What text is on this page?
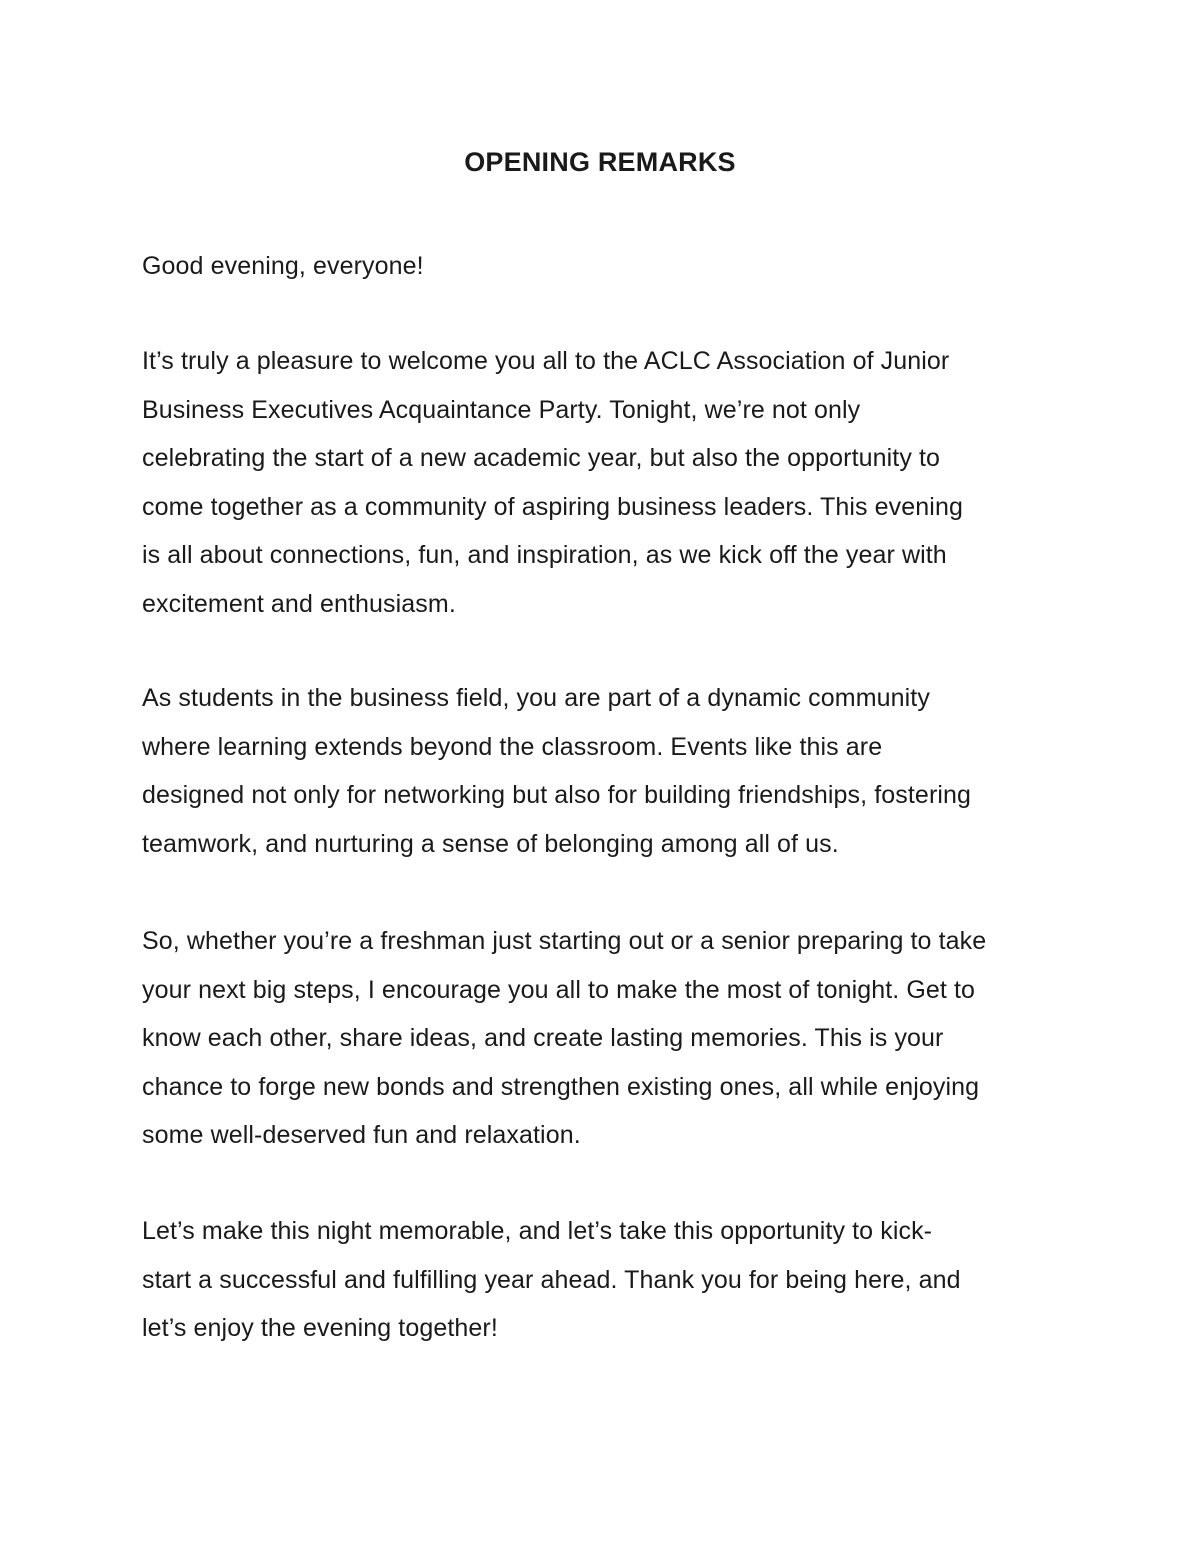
OPENING REMARKS

Good evening, everyone!

It’s truly a pleasure to welcome you all to the ACLC Association of Junior
Business Executives Acquaintance Party. Tonight, we’re not only
celebrating the start of a new academic year, but also the opportunity to
come together as a community of aspiring business leaders. This evening
is all about connections, fun, and inspiration, as we kick off the year with
excitement and enthusiasm.

As students in the business field, you are part of a dynamic community
where learning extends beyond the classroom. Events like this are
designed not only for networking but also for building friendships, fostering
teamwork, and nurturing a sense of belonging among all of us.

So, whether you’re a freshman just starting out or a senior preparing to take
your next big steps, I encourage you all to make the most of tonight. Get to
know each other, share ideas, and create lasting memories. This is your
chance to forge new bonds and strengthen existing ones, all while enjoying
some well-deserved fun and relaxation.

Let’s make this night memorable, and let’s take this opportunity to kick-
start a successful and fulfilling year ahead. Thank you for being here, and
let’s enjoy the evening together!
